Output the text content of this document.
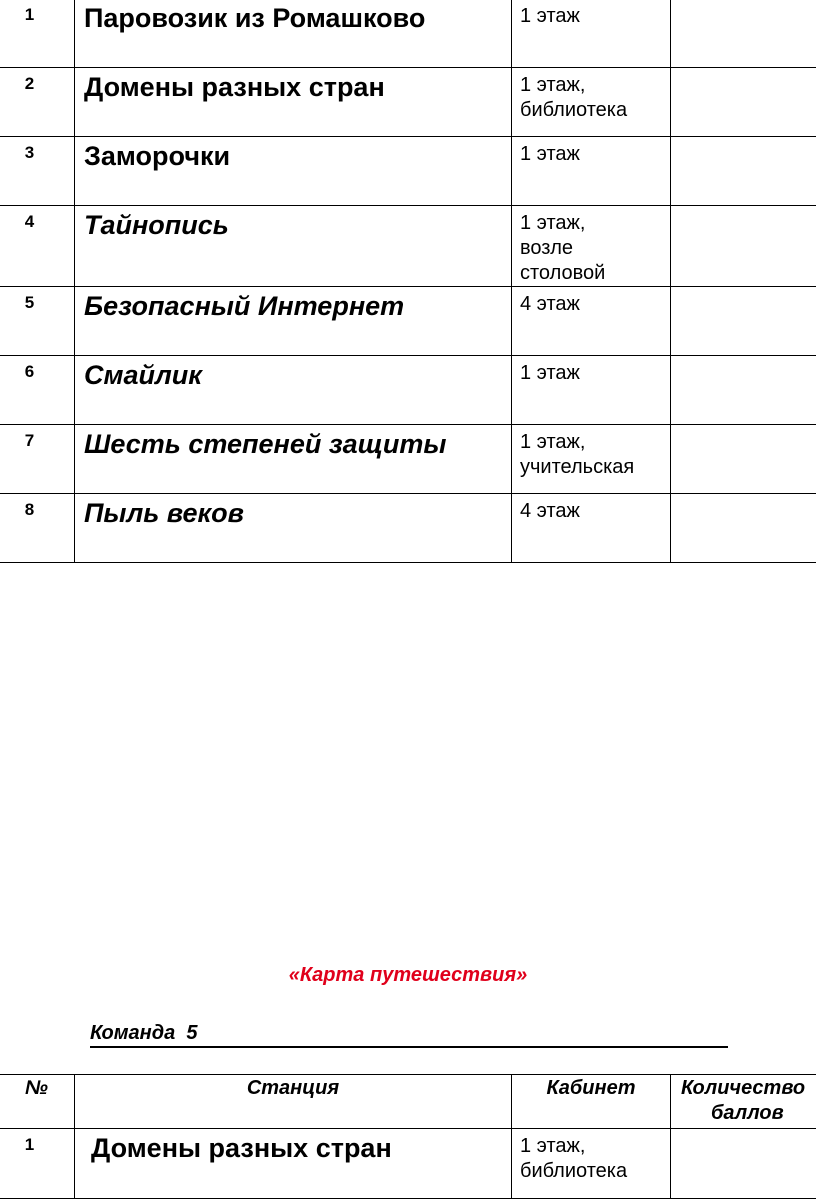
1	Паровозик из Ромашково	1 этаж	
2	Домены разных стран	1 этаж,
библиотека	
3	Заморочки	1 этаж	
4	Тайнопись	1 этаж,
возле
столовой	
5	Безопасный Интернет	4 этаж	
6	Смайлик	1 этаж	
7	Шесть степеней защиты	1 этаж,
учительская	
8	Пыль веков	4 этаж	
«Карта путешествия»
Команда  5
№	Станция	Кабинет	Количество
баллов

1	Домены разных стран	1 этаж,
библиотека	
